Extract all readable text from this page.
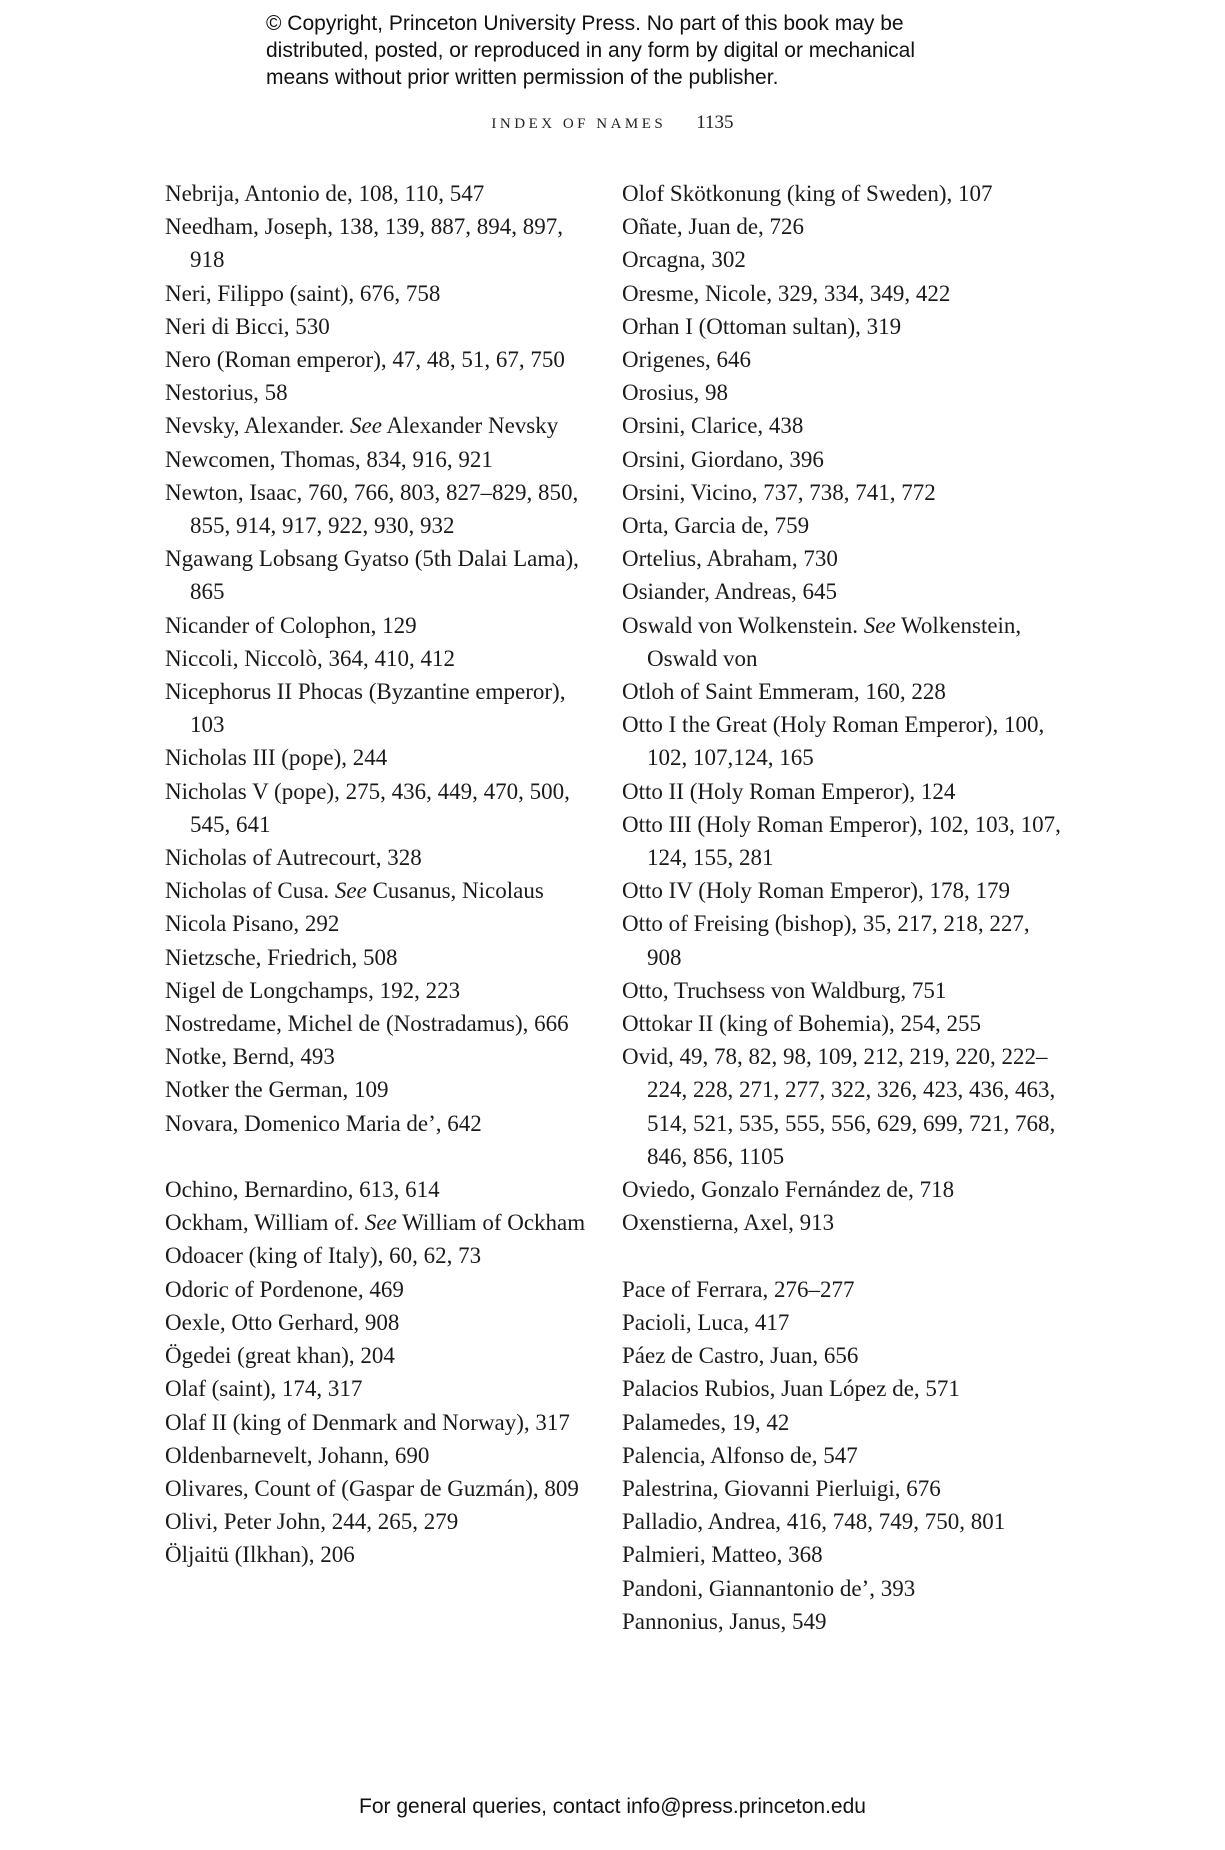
© Copyright, Princeton University Press. No part of this book may be
distributed, posted, or reproduced in any form by digital or mechanical
means without prior written permission of the publisher.
INDEX OF NAMES 1135
Nebrija, Antonio de, 108, 110, 547
Needham, Joseph, 138, 139, 887, 894, 897, 918
Neri, Filippo (saint), 676, 758
Neri di Bicci, 530
Nero (Roman emperor), 47, 48, 51, 67, 750
Nestorius, 58
Nevsky, Alexander. See Alexander Nevsky
Newcomen, Thomas, 834, 916, 921
Newton, Isaac, 760, 766, 803, 827–829, 850, 855, 914, 917, 922, 930, 932
Ngawang Lobsang Gyatso (5th Dalai Lama), 865
Nicander of Colophon, 129
Niccoli, Niccolò, 364, 410, 412
Nicephorus II Phocas (Byzantine emperor), 103
Nicholas III (pope), 244
Nicholas V (pope), 275, 436, 449, 470, 500, 545, 641
Nicholas of Autrecourt, 328
Nicholas of Cusa. See Cusanus, Nicolaus
Nicola Pisano, 292
Nietzsche, Friedrich, 508
Nigel de Longchamps, 192, 223
Nostredame, Michel de (Nostradamus), 666
Notke, Bernd, 493
Notker the German, 109
Novara, Domenico Maria de’, 642
Ochino, Bernardino, 613, 614
Ockham, William of. See William of Ockham
Odoacer (king of Italy), 60, 62, 73
Odoric of Pordenone, 469
Oexle, Otto Gerhard, 908
Ögedei (great khan), 204
Olaf (saint), 174, 317
Olaf II (king of Denmark and Norway), 317
Oldenbarnevelt, Johann, 690
Olivares, Count of (Gaspar de Guzmán), 809
Olivi, Peter John, 244, 265, 279
Öljaitü (Ilkhan), 206
Olof Skötkonung (king of Sweden), 107
Oñate, Juan de, 726
Orcagna, 302
Oresme, Nicole, 329, 334, 349, 422
Orhan I (Ottoman sultan), 319
Origenes, 646
Orosius, 98
Orsini, Clarice, 438
Orsini, Giordano, 396
Orsini, Vicino, 737, 738, 741, 772
Orta, Garcia de, 759
Ortelius, Abraham, 730
Osiander, Andreas, 645
Oswald von Wolkenstein. See Wolkenstein, Oswald von
Otloh of Saint Emmeram, 160, 228
Otto I the Great (Holy Roman Emperor), 100, 102, 107,124, 165
Otto II (Holy Roman Emperor), 124
Otto III (Holy Roman Emperor), 102, 103, 107, 124, 155, 281
Otto IV (Holy Roman Emperor), 178, 179
Otto of Freising (bishop), 35, 217, 218, 227, 908
Otto, Truchsess von Waldburg, 751
Ottokar II (king of Bohemia), 254, 255
Ovid, 49, 78, 82, 98, 109, 212, 219, 220, 222–224, 228, 271, 277, 322, 326, 423, 436, 463, 514, 521, 535, 555, 556, 629, 699, 721, 768, 846, 856, 1105
Oviedo, Gonzalo Fernández de, 718
Oxenstierna, Axel, 913
Pace of Ferrara, 276–277
Pacioli, Luca, 417
Páez de Castro, Juan, 656
Palacios Rubios, Juan López de, 571
Palamedes, 19, 42
Palencia, Alfonso de, 547
Palestrina, Giovanni Pierluigi, 676
Palladio, Andrea, 416, 748, 749, 750, 801
Palmieri, Matteo, 368
Pandoni, Giannantonio de’, 393
Pannonius, Janus, 549
For general queries, contact info@press.princeton.edu
